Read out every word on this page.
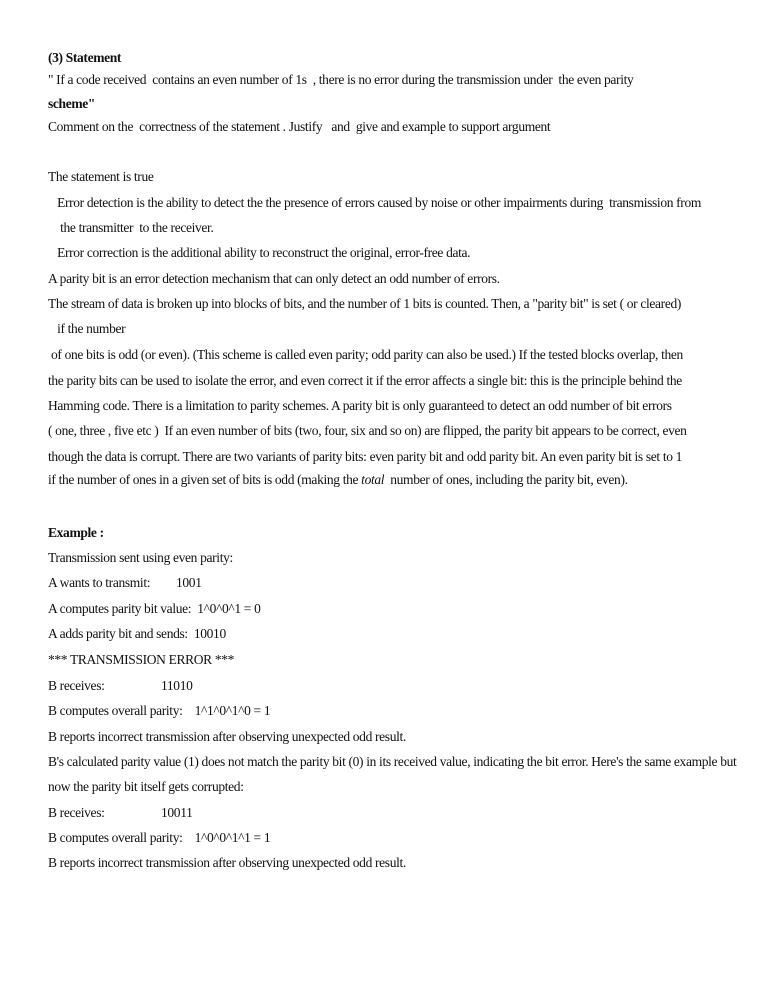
(3) Statement
" If a code received  contains an even number of 1s  , there is no error during the transmission under  the even parity
scheme"
Comment on the  correctness of the statement . Justify   and  give and example to support argument
The statement is true
Error detection is the ability to detect the the presence of errors caused by noise or other impairments during  transmission from
the transmitter  to the receiver.
Error correction is the additional ability to reconstruct the original, error-free data.
A parity bit is an error detection mechanism that can only detect an odd number of errors.
The stream of data is broken up into blocks of bits, and the number of 1 bits is counted. Then, a "parity bit" is set ( or cleared)
if the number
of one bits is odd (or even). (This scheme is called even parity; odd parity can also be used.) If the tested blocks overlap, then
the parity bits can be used to isolate the error, and even correct it if the error affects a single bit: this is the principle behind the
Hamming code. There is a limitation to parity schemes. A parity bit is only guaranteed to detect an odd number of bit errors
( one, three , five etc )  If an even number of bits (two, four, six and so on) are flipped, the parity bit appears to be correct, even
though the data is corrupt. There are two variants of parity bits: even parity bit and odd parity bit. An even parity bit is set to 1
if the number of ones in a given set of bits is odd (making the total  number of ones, including the parity bit, even).
Example :
Transmission sent using even parity:
A wants to transmit: 1001
A computes parity bit value:  1^0^0^1 = 0
A adds parity bit and sends:  10010
*** TRANSMISSION ERROR ***
B receives:	11010
B computes overall parity:    1^1^0^1^0 = 1
B reports incorrect transmission after observing unexpected odd result.
B's calculated parity value (1) does not match the parity bit (0) in its received value, indicating the bit error. Here's the same example but
now the parity bit itself gets corrupted:
B receives:	10011
B computes overall parity:    1^0^0^1^1 = 1
B reports incorrect transmission after observing unexpected odd result.
